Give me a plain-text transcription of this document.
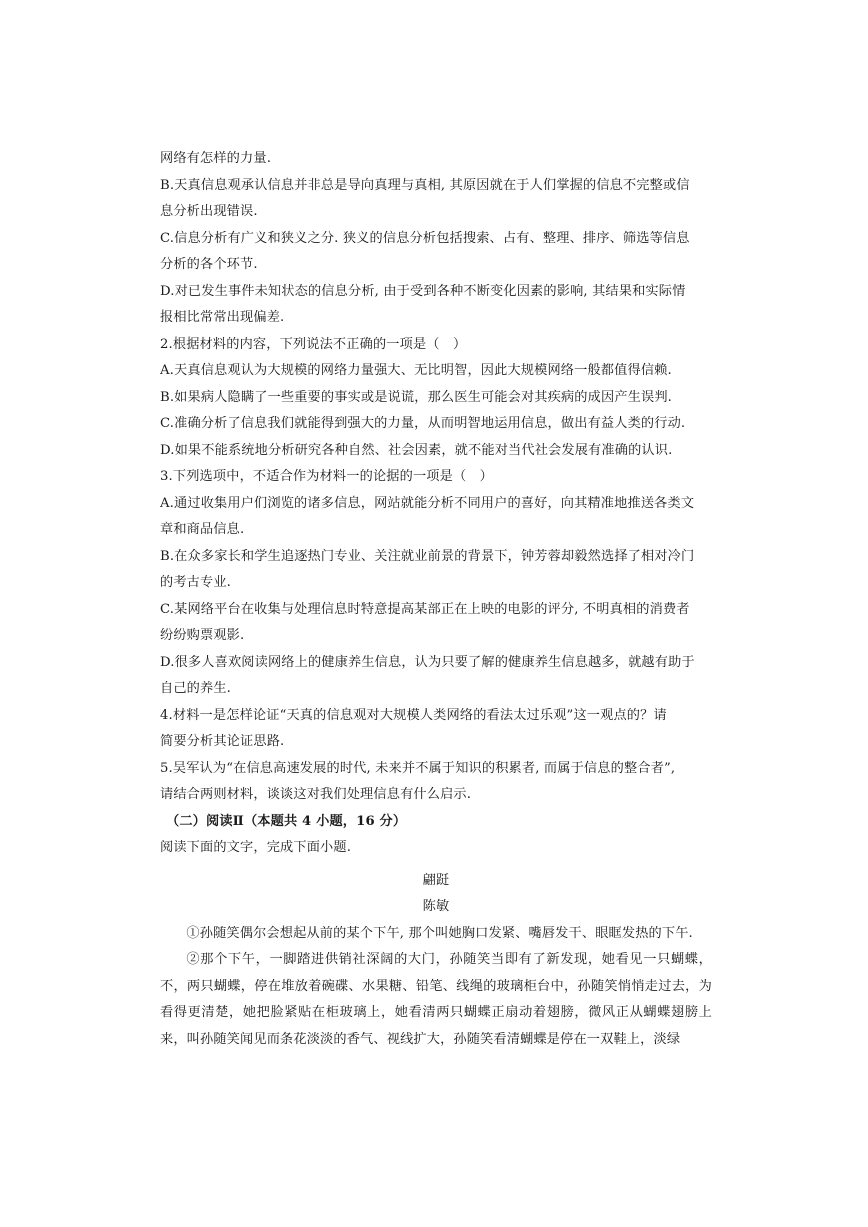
网络有怎样的力量.
B.天真信息观承认信息并非总是导向真理与真相, 其原因就在于人们掌握的信息不完整或信
息分析出现错误.
C.信息分析有广义和狭义之分. 狭义的信息分析包括搜索、占有、整理、排序、筛选等信息
分析的各个环节.
D.对已发生事件未知状态的信息分析, 由于受到各种不断变化因素的影响, 其结果和实际情
报相比常常出现偏差.
2.根据材料的内容，下列说法不正确的一项是（　）
A.天真信息观认为大规模的网络力量强大、无比明智，因此大规模网络一般都值得信赖.
B.如果病人隐瞒了一些重要的事实或是说谎，那么医生可能会对其疾病的成因产生误判.
C.准确分析了信息我们就能得到强大的力量，从而明智地运用信息，做出有益人类的行动.
D.如果不能系统地分析研究各种自然、社会因素，就不能对当代社会发展有准确的认识.
3.下列选项中，不适合作为材料一的论据的一项是（　）
A.通过收集用户们浏览的诸多信息，网站就能分析不同用户的喜好，向其精准地推送各类文
章和商品信息.
B.在众多家长和学生追逐热门专业、关注就业前景的背景下，钟芳蓉却毅然选择了相对冷门
的考古专业.
C.某网络平台在收集与处理信息时特意提高某部正在上映的电影的评分, 不明真相的消费者
纷纷购票观影.
D.很多人喜欢阅读网络上的健康养生信息，认为只要了解的健康养生信息越多，就越有助于
自己的养生.
4.材料一是怎样论证“天真的信息观对大规模人类网络的看法太过乐观”这一观点的？请
简要分析其论证思路.
5.吴军认为“在信息高速发展的时代, 未来并不属于知识的积累者, 而属于信息的整合者”,
请结合两则材料，谈谈这对我们处理信息有什么启示.
（二）阅读Ⅱ（本题共 4 小题，16 分）
阅读下面的文字，完成下面小题.
翩跹
陈敏
①孙随笑偶尔会想起从前的某个下午, 那个叫她胸口发紧、嘴唇发干、眼眶发热的下午.
②那个下午，一脚踏进供销社深阔的大门，孙随笑当即有了新发现，她看见一只蝴蝶，不，两只蝴蝶，停在堆放着碗碟、水果糖、铅笔、线绳的玻璃柜台中，孙随笑悄悄走过去，为看得更清楚，她把脸紧贴在柜玻璃上，她看清两只蝴蝶正扇动着翅膀，微风正从蝴蝶翅膀上来，叫孙随笑闻见而条花淡淡的香气、视线扩大，孙随笑看清蝴蝶是停在一双鞋上，淡绿
